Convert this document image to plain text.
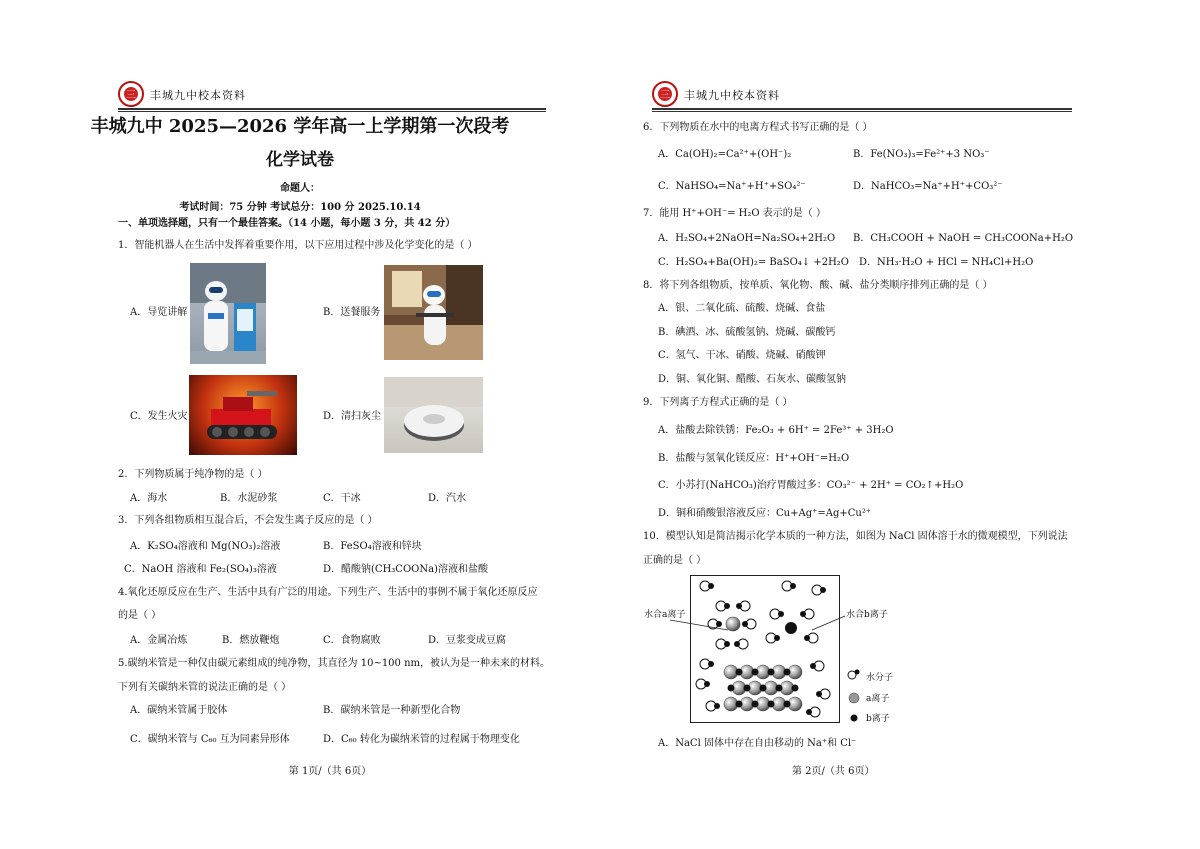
三
丰城九中校本资料
丰城九中 2025—2026 学年高一上学期第一次段考
化学试卷
命题人：
考试时间：75 分钟 考试总分：100 分 2025.10.14
一、单项选择题，只有一个最佳答案。（14 小题，每小题 3 分，共 42 分）
1．智能机器人在生活中发挥着重要作用，以下应用过程中涉及化学变化的是（ ）
A．导览讲解	B．送餐服务
C．发生火灾	D．清扫灰尘
2．下列物质属于纯净物的是（ ）
A．海水	B．水泥砂浆	C．干冰	D．汽水
3．下列各组物质相互混合后，不会发生离子反应的是（ ）
A．K₂SO₄溶液和 Mg(NO₃)₂溶液	B．FeSO₄溶液和锌块
C．NaOH 溶液和 Fe₂(SO₄)₃溶液	D．醋酸钠(CH₃COONa)溶液和盐酸
4.氧化还原反应在生产、生活中具有广泛的用途。下列生产、生活中的事例不属于氧化还原反应
的是（ ）
A．金属冶炼	B．燃放鞭炮	C．食物腐败	D．豆浆变成豆腐
5.碳纳米管是一种仅由碳元素组成的纯净物，其直径为 10~100 nm，被认为是一种未来的材料。
下列有关碳纳米管的说法正确的是（ ）
A．碳纳米管属于胶体	B．碳纳米管是一种新型化合物
C．碳纳米管与 C₆₀ 互为同素异形体	D．C₆₀ 转化为碳纳米管的过程属于物理变化
第 1页/（共 6页）
三
丰城九中校本资料
6．下列物质在水中的电离方程式书写正确的是（ ）
A．Ca(OH)₂=Ca²⁺+(OH⁻)₂	B．Fe(NO₃)₃=Fe²⁺+3 NO₃⁻
C．NaHSO₄=Na⁺+H⁺+SO₄²⁻	D．NaHCO₃=Na⁺+H⁺+CO₃²⁻
7．能用 H⁺+OH⁻= H₂O 表示的是（ ）
A．H₂SO₄+2NaOH=Na₂SO₄+2H₂O B．CH₃COOH + NaOH = CH₃COONa+H₂O
C．H₂SO₄+Ba(OH)₂= BaSO₄↓ +2H₂O D．NH₃·H₂O + HCl = NH₄Cl+H₂O
8．将下列各组物质，按单质、氧化物、酸、碱、盐分类顺序排列正确的是（ ）
A．银、二氧化硫、硫酸、烧碱、食盐
B．碘酒、冰、硫酸氢钠、烧碱、碳酸钙
C．氢气、干冰、硝酸、烧碱、硝酸钾
D．铜、氧化铜、醋酸、石灰水、碳酸氢钠
9．下列离子方程式正确的是（ ）
A．盐酸去除铁锈：Fe₂O₃ + 6H⁺ = 2Fe³⁺ + 3H₂O
B．盐酸与氢氧化镁反应：H⁺+OH⁻=H₂O
C．小苏打(NaHCO₃)治疗胃酸过多：CO₃²⁻ + 2H⁺ = CO₂↑+H₂O
D．铜和硝酸银溶液反应：Cu+Ag⁺=Ag+Cu²⁺
10．模型认知是简洁揭示化学本质的一种方法，如图为 NaCl 固体溶于水的微观模型，下列说法
正确的是（ ）
水合a离子	水合b离子
水分子
a离子
b离子
A．NaCl 固体中存在自由移动的 Na⁺和 Cl⁻
第 2页/（共 6页）
